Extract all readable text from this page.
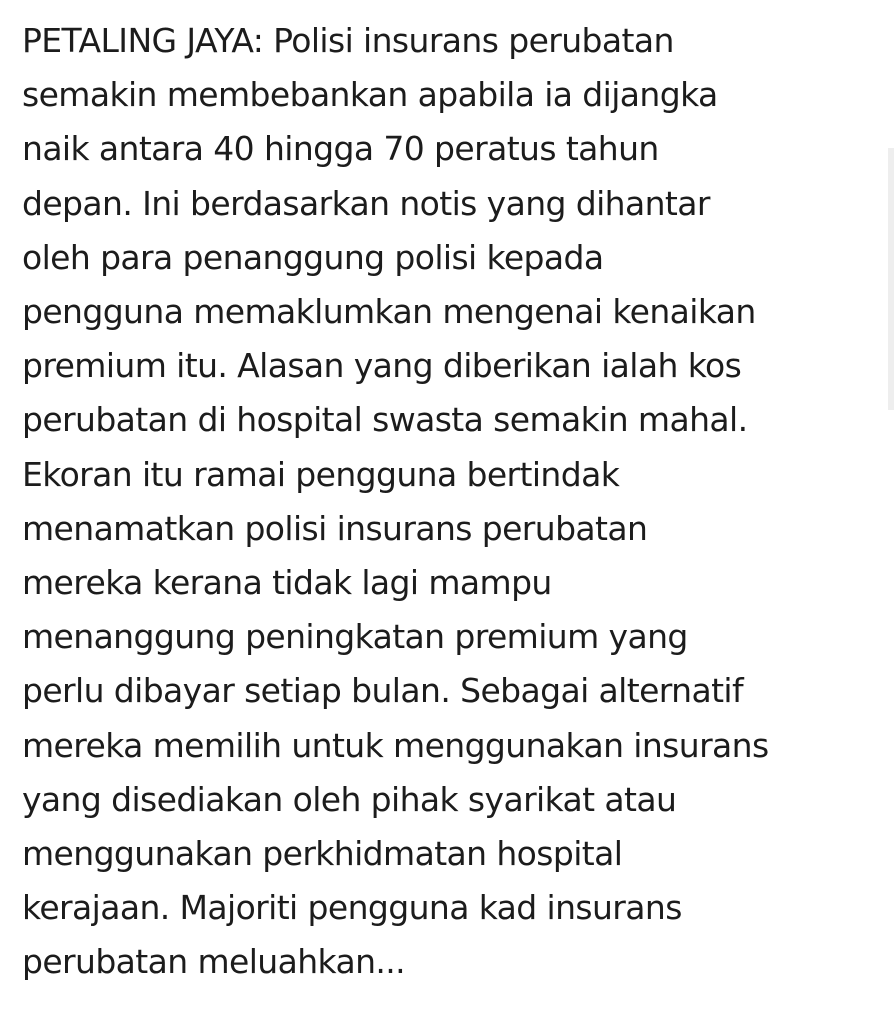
PETALING JAYA: Polisi insurans perubatan
semakin membebankan apabila ia dijangka
naik antara 40 hingga 70 peratus tahun
depan. Ini berdasarkan notis yang dihantar
oleh para penanggung polisi kepada
pengguna memaklumkan mengenai kenaikan
premium itu. Alasan yang diberikan ialah kos
perubatan di hospital swasta semakin mahal.
Ekoran itu ramai pengguna bertindak
menamatkan polisi insurans perubatan
mereka kerana tidak lagi mampu
menanggung peningkatan premium yang
perlu dibayar setiap bulan. Sebagai alternatif
mereka memilih untuk menggunakan insurans
yang disediakan oleh pihak syarikat atau
menggunakan perkhidmatan hospital
kerajaan. Majoriti pengguna kad insurans
perubatan meluahkan...
